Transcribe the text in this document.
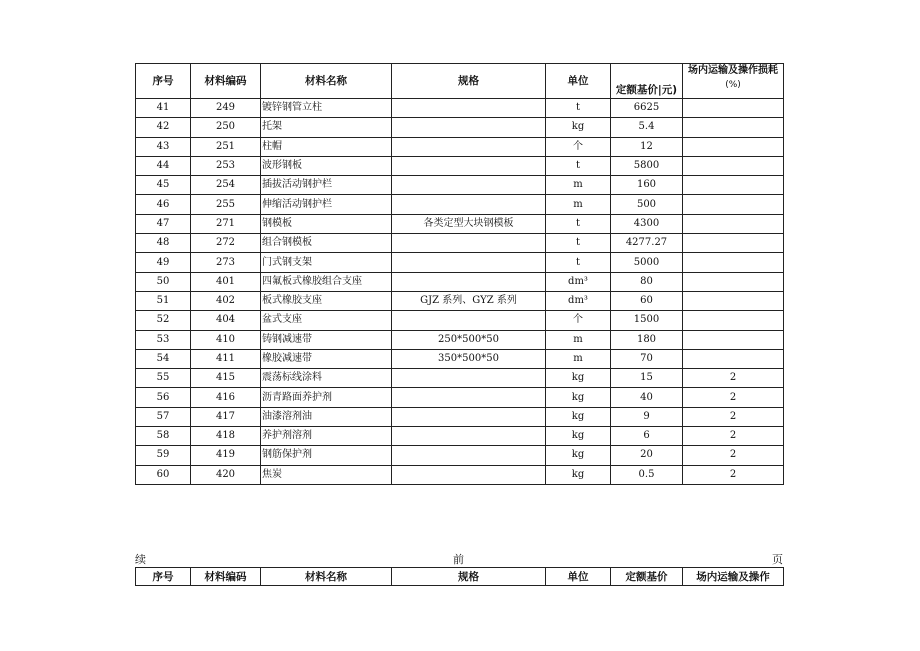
序号	材料编码	材料名称	规格	单位	定额基价|元)	场内运输及操作损耗
(%)

41	249	镀锌钢管立柱		t	6625	
42	250	托架		kg	5.4	
43	251	柱帽		个	12	
44	253	波形钢板		t	5800	
45	254	插拔活动钢护栏		m	160	
46	255	伸缩活动钢护栏		m	500	
47	271	钢模板	各类定型大块钢模板	t	4300	
48	272	组合钢模板		t	4277.27	
49	273	门式钢支架		t	5000	
50	401	四氟板式橡胶组合支座		dm³	80	
51	402	板式橡胶支座	GJZ 系列、GYZ 系列	dm³	60	
52	404	盆式支座		个	1500	
53	410	铸钢减速带	250*500*50	m	180	
54	411	橡胶减速带	350*500*50	m	70	
55	415	震荡标线涂料		kg	15	2
56	416	沥青路面养护剂		kg	40	2
57	417	油漆溶剂油		kg	9	2
58	418	养护剂溶剂		kg	6	2
59	419	钢筋保护剂		kg	20	2
60	420	焦炭		kg	0.5	2
续	前	页
序号	材料编码	材料名称	规格	单位	定额基价	场内运输及操作
